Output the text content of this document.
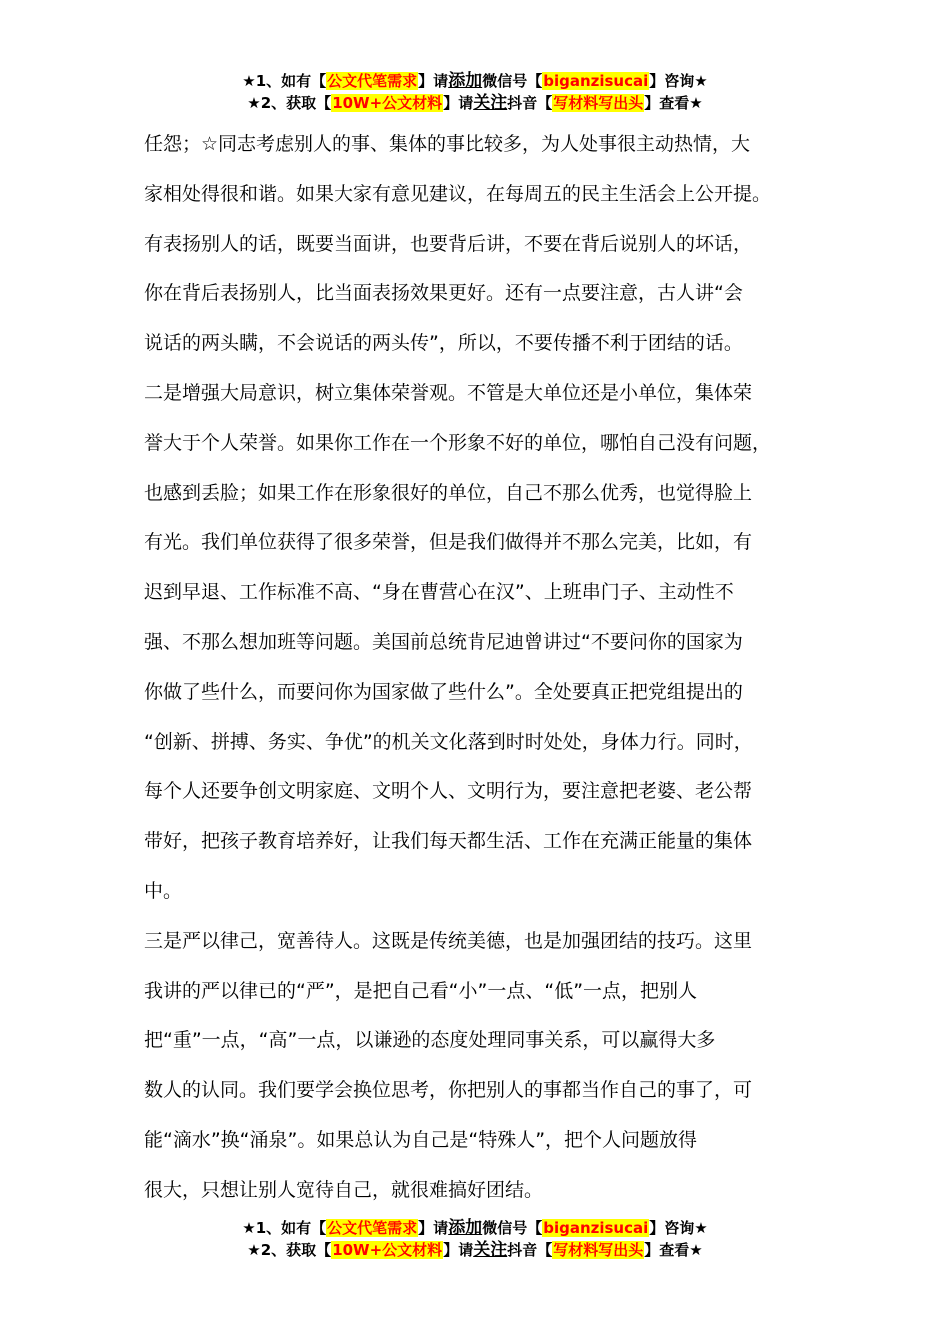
★1、如有【公文代笔需求】请添加微信号【biganzisucai】咨询★
★2、获取【10W+公文材料】请关注抖音【写材料写出头】查看★
任怨；☆同志考虑别人的事、集体的事比较多，为人处事很主动热情，大
家相处得很和谐。如果大家有意见建议，在每周五的民主生活会上公开提。
有表扬别人的话，既要当面讲，也要背后讲，不要在背后说别人的坏话，
你在背后表扬别人，比当面表扬效果更好。还有一点要注意，古人讲“会
说话的两头瞒，不会说话的两头传”，所以，不要传播不利于团结的话。
二是增强大局意识，树立集体荣誉观。不管是大单位还是小单位，集体荣
誉大于个人荣誉。如果你工作在一个形象不好的单位，哪怕自己没有问题，
也感到丢脸；如果工作在形象很好的单位，自己不那么优秀，也觉得脸上
有光。我们单位获得了很多荣誉，但是我们做得并不那么完美，比如，有
迟到早退、工作标准不高、“身在曹营心在汉”、上班串门子、主动性不
强、不那么想加班等问题。美国前总统肯尼迪曾讲过“不要问你的国家为
你做了些什么，而要问你为国家做了些什么”。全处要真正把党组提出的
“创新、拼搏、务实、争优”的机关文化落到时时处处，身体力行。同时，
每个人还要争创文明家庭、文明个人、文明行为，要注意把老婆、老公帮
带好，把孩子教育培养好，让我们每天都生活、工作在充满正能量的集体
中。
三是严以律己，宽善待人。这既是传统美德，也是加强团结的技巧。这里
我讲的严以律已的“严”，是把自己看“小”一点、“低”一点，把别人
把“重”一点，“高”一点，以谦逊的态度处理同事关系，可以赢得大多
数人的认同。我们要学会换位思考，你把别人的事都当作自己的事了，可
能“滴水”换“涌泉”。如果总认为自己是“特殊人”，把个人问题放得
很大，只想让别人宽待自己，就很难搞好团结。
★1、如有【公文代笔需求】请添加微信号【biganzisucai】咨询★
★2、获取【10W+公文材料】请关注抖音【写材料写出头】查看★
